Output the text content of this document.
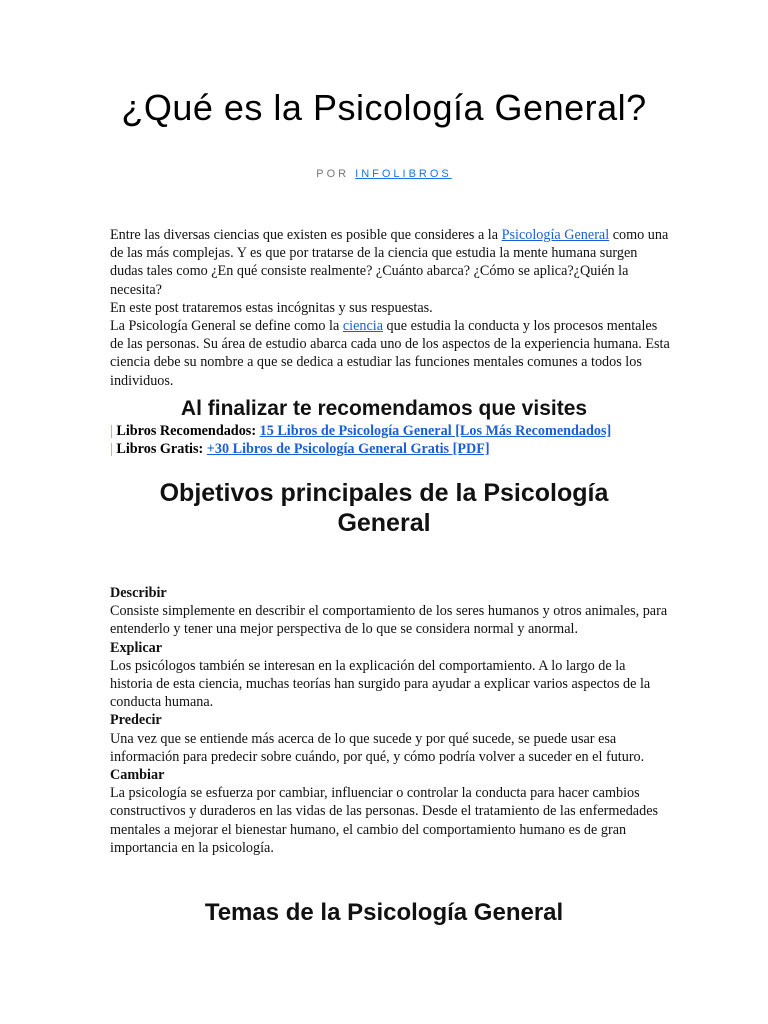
¿Qué es la Psicología General?
POR INFOLIBROS

Entre las diversas ciencias que existen es posible que consideres a la Psicología General como una de las más complejas. Y es que por tratarse de la ciencia que estudia la mente humana surgen dudas tales como ¿En qué consiste realmente? ¿Cuánto abarca? ¿Cómo se aplica?¿Quién la necesita?

En este post trataremos estas incógnitas y sus respuestas.

La Psicología General se define como la ciencia que estudia la conducta y los procesos mentales de las personas. Su área de estudio abarca cada uno de los aspectos de la experiencia humana. Esta ciencia debe su nombre a que se dedica a estudiar las funciones mentales comunes a todos los individuos.

Al finalizar te recomendamos que visites
| Libros Recomendados: 15 Libros de Psicología General [Los Más Recomendados]
| Libros Gratis: +30 Libros de Psicología General Gratis [PDF]
Objetivos principales de la Psicología General

Describir

Consiste simplemente en describir el comportamiento de los seres humanos y otros animales, para entenderlo y tener una mejor perspectiva de lo que se considera normal y anormal.

Explicar

Los psicólogos también se interesan en la explicación del comportamiento. A lo largo de la historia de esta ciencia, muchas teorías han surgido para ayudar a explicar varios aspectos de la conducta humana.

Predecir

Una vez que se entiende más acerca de lo que sucede y por qué sucede, se puede usar esa información para predecir sobre cuándo, por qué, y cómo podría volver a suceder en el futuro.

Cambiar

La psicología se esfuerza por cambiar, influenciar o controlar la conducta para hacer cambios constructivos y duraderos en las vidas de las personas. Desde el tratamiento de las enfermedades mentales a mejorar el bienestar humano, el cambio del comportamiento humano es de gran importancia en la psicología.

Temas de la Psicología General
